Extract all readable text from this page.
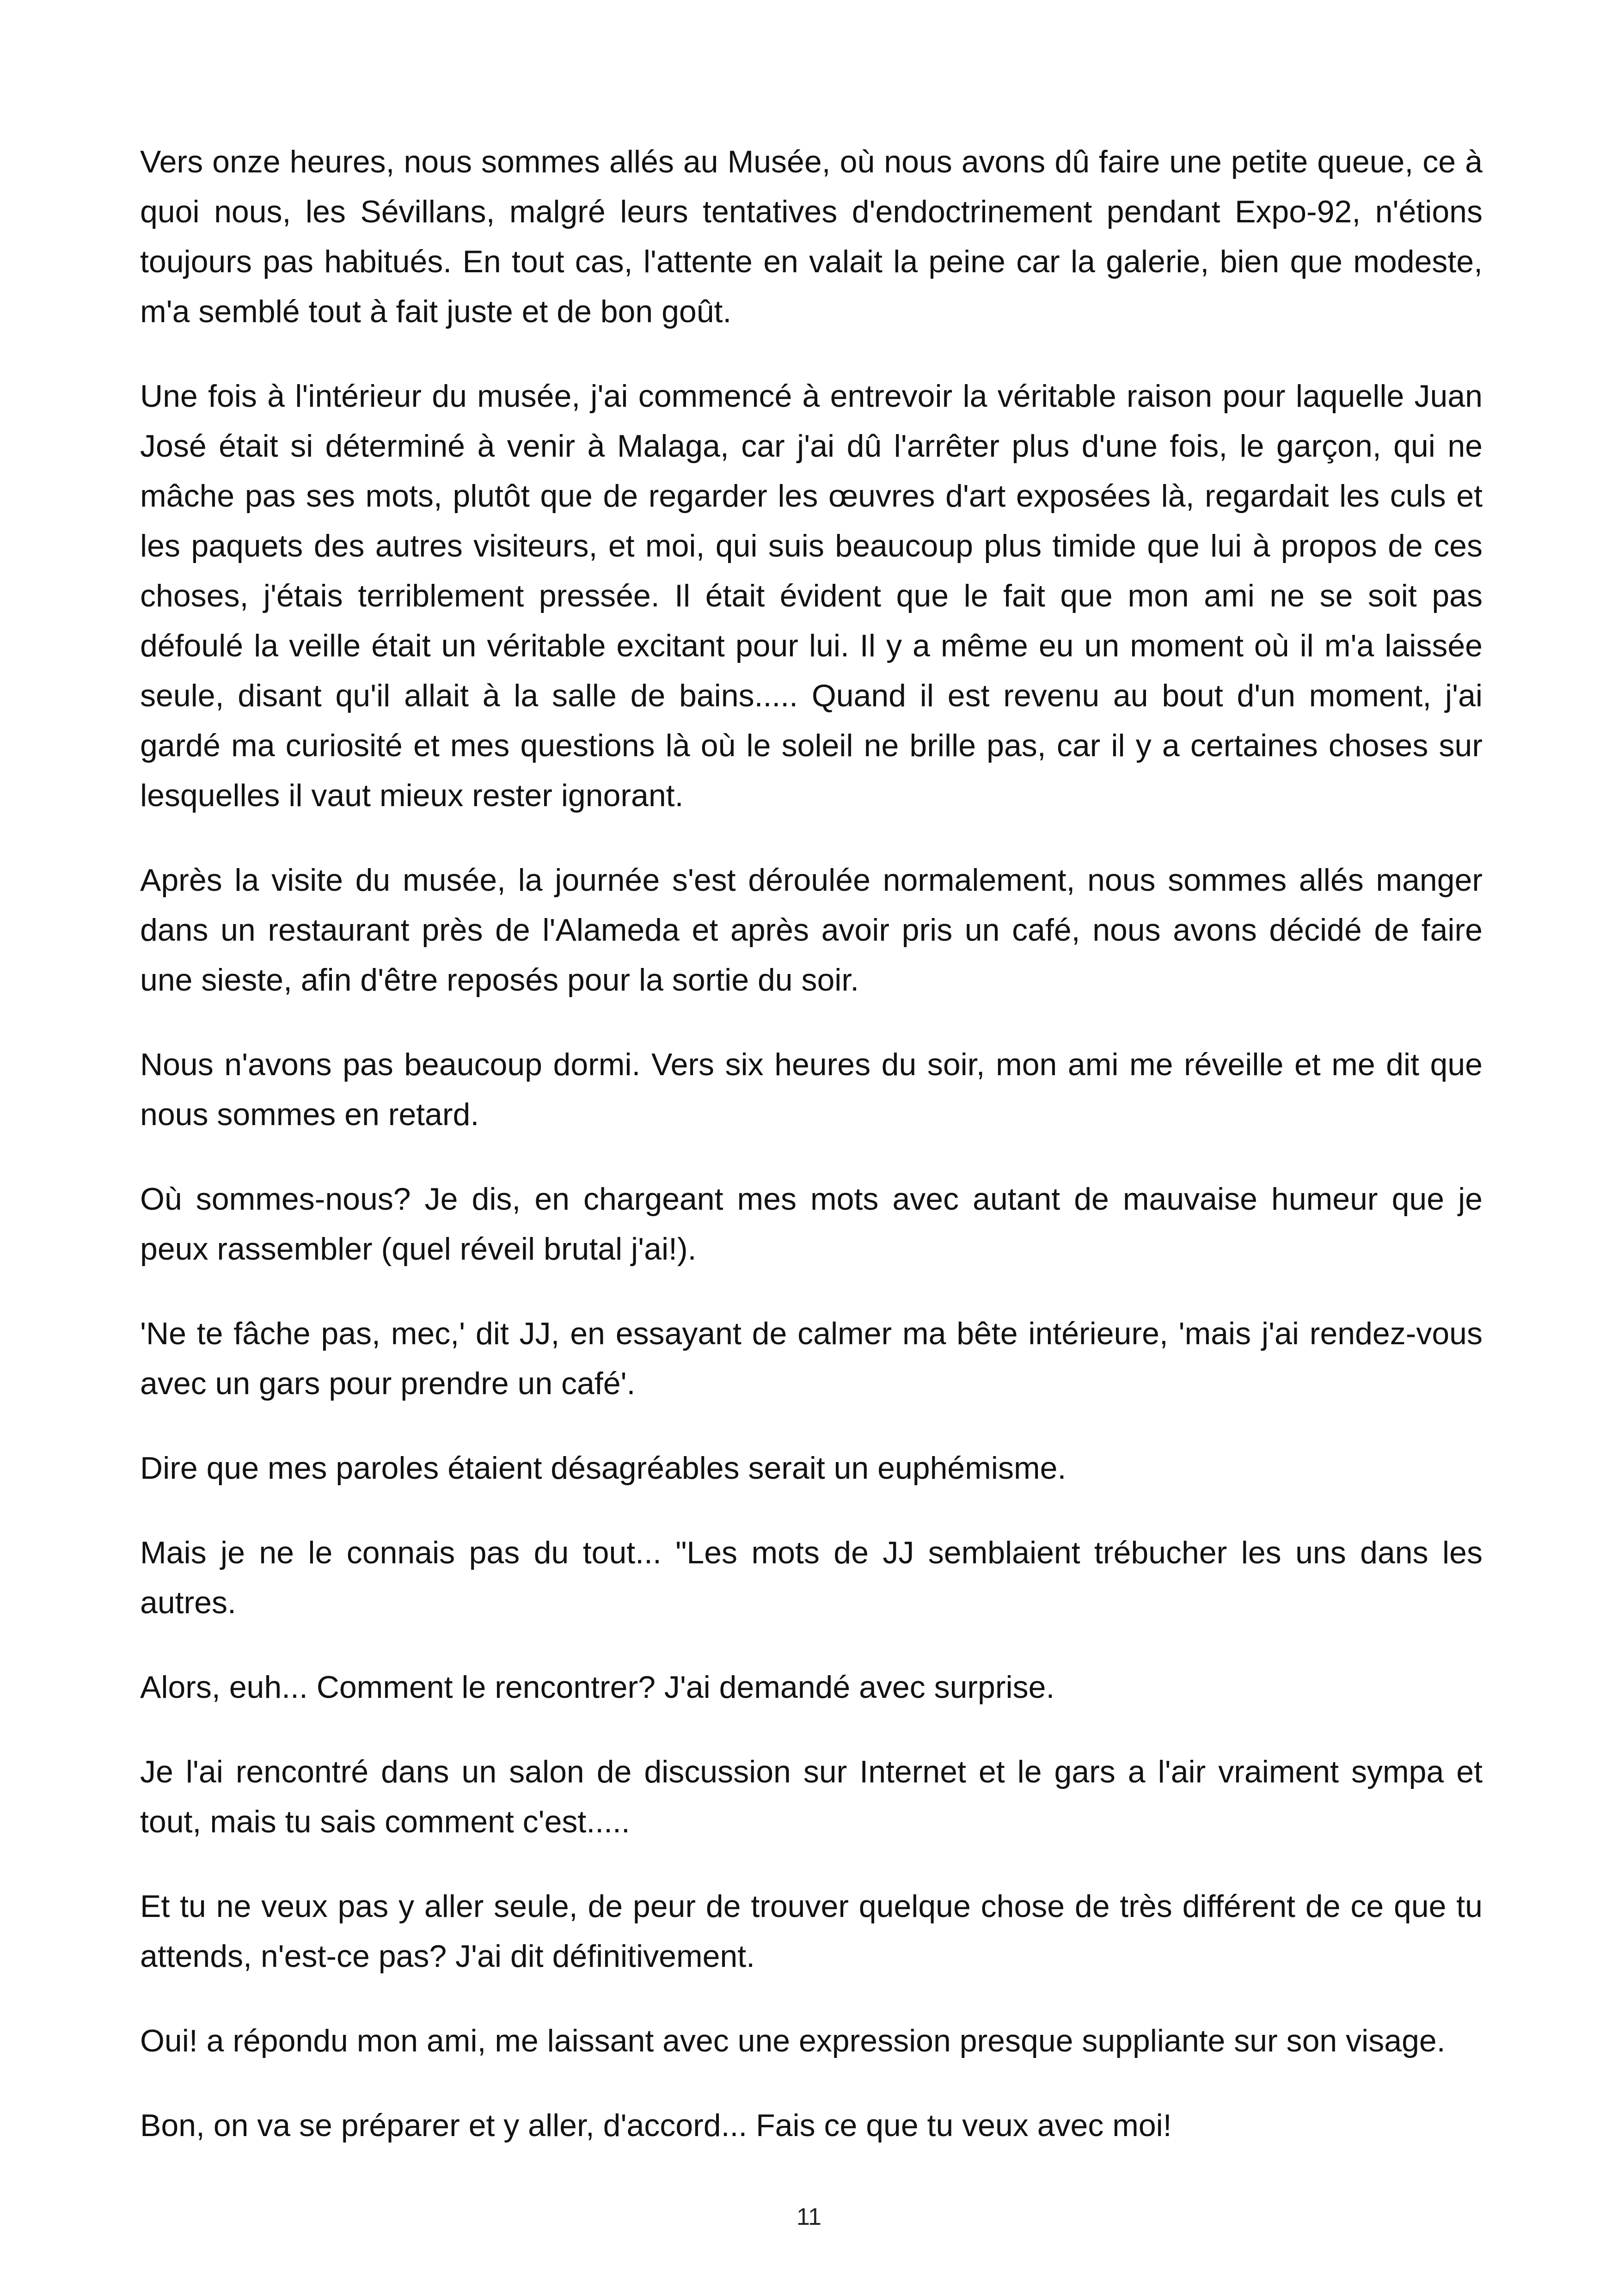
Vers onze heures, nous sommes allés au Musée, où nous avons dû faire une petite queue, ce à quoi nous, les Sévillans, malgré leurs tentatives d'endoctrinement pendant Expo-92, n'étions toujours pas habitués. En tout cas, l'attente en valait la peine car la galerie, bien que modeste, m'a semblé tout à fait juste et de bon goût.

Une fois à l'intérieur du musée, j'ai commencé à entrevoir la véritable raison pour laquelle Juan José était si déterminé à venir à Malaga, car j'ai dû l'arrêter plus d'une fois, le garçon, qui ne mâche pas ses mots, plutôt que de regarder les œuvres d'art exposées là, regardait les culs et les paquets des autres visiteurs, et moi, qui suis beaucoup plus timide que lui à propos de ces choses, j'étais terriblement pressée. Il était évident que le fait que mon ami ne se soit pas défoulé la veille était un véritable excitant pour lui. Il y a même eu un moment où il m'a laissée seule, disant qu'il allait à la salle de bains..... Quand il est revenu au bout d'un moment, j'ai gardé ma curiosité et mes questions là où le soleil ne brille pas, car il y a certaines choses sur lesquelles il vaut mieux rester ignorant.

Après la visite du musée, la journée s'est déroulée normalement, nous sommes allés manger dans un restaurant près de l'Alameda et après avoir pris un café, nous avons décidé de faire une sieste, afin d'être reposés pour la sortie du soir.

Nous n'avons pas beaucoup dormi. Vers six heures du soir, mon ami me réveille et me dit que nous sommes en retard.

Où sommes-nous? Je dis, en chargeant mes mots avec autant de mauvaise humeur que je peux rassembler (quel réveil brutal j'ai!).

'Ne te fâche pas, mec,' dit JJ, en essayant de calmer ma bête intérieure, 'mais j'ai rendez-vous avec un gars pour prendre un café'.

Dire que mes paroles étaient désagréables serait un euphémisme.

Mais je ne le connais pas du tout... "Les mots de JJ semblaient trébucher les uns dans les autres.

Alors, euh... Comment le rencontrer? J'ai demandé avec surprise.

Je l'ai rencontré dans un salon de discussion sur Internet et le gars a l'air vraiment sympa et tout, mais tu sais comment c'est.....

Et tu ne veux pas y aller seule, de peur de trouver quelque chose de très différent de ce que tu attends, n'est-ce pas? J'ai dit définitivement.

Oui! a répondu mon ami, me laissant avec une expression presque suppliante sur son visage.

Bon, on va se préparer et y aller, d'accord... Fais ce que tu veux avec moi!

11
